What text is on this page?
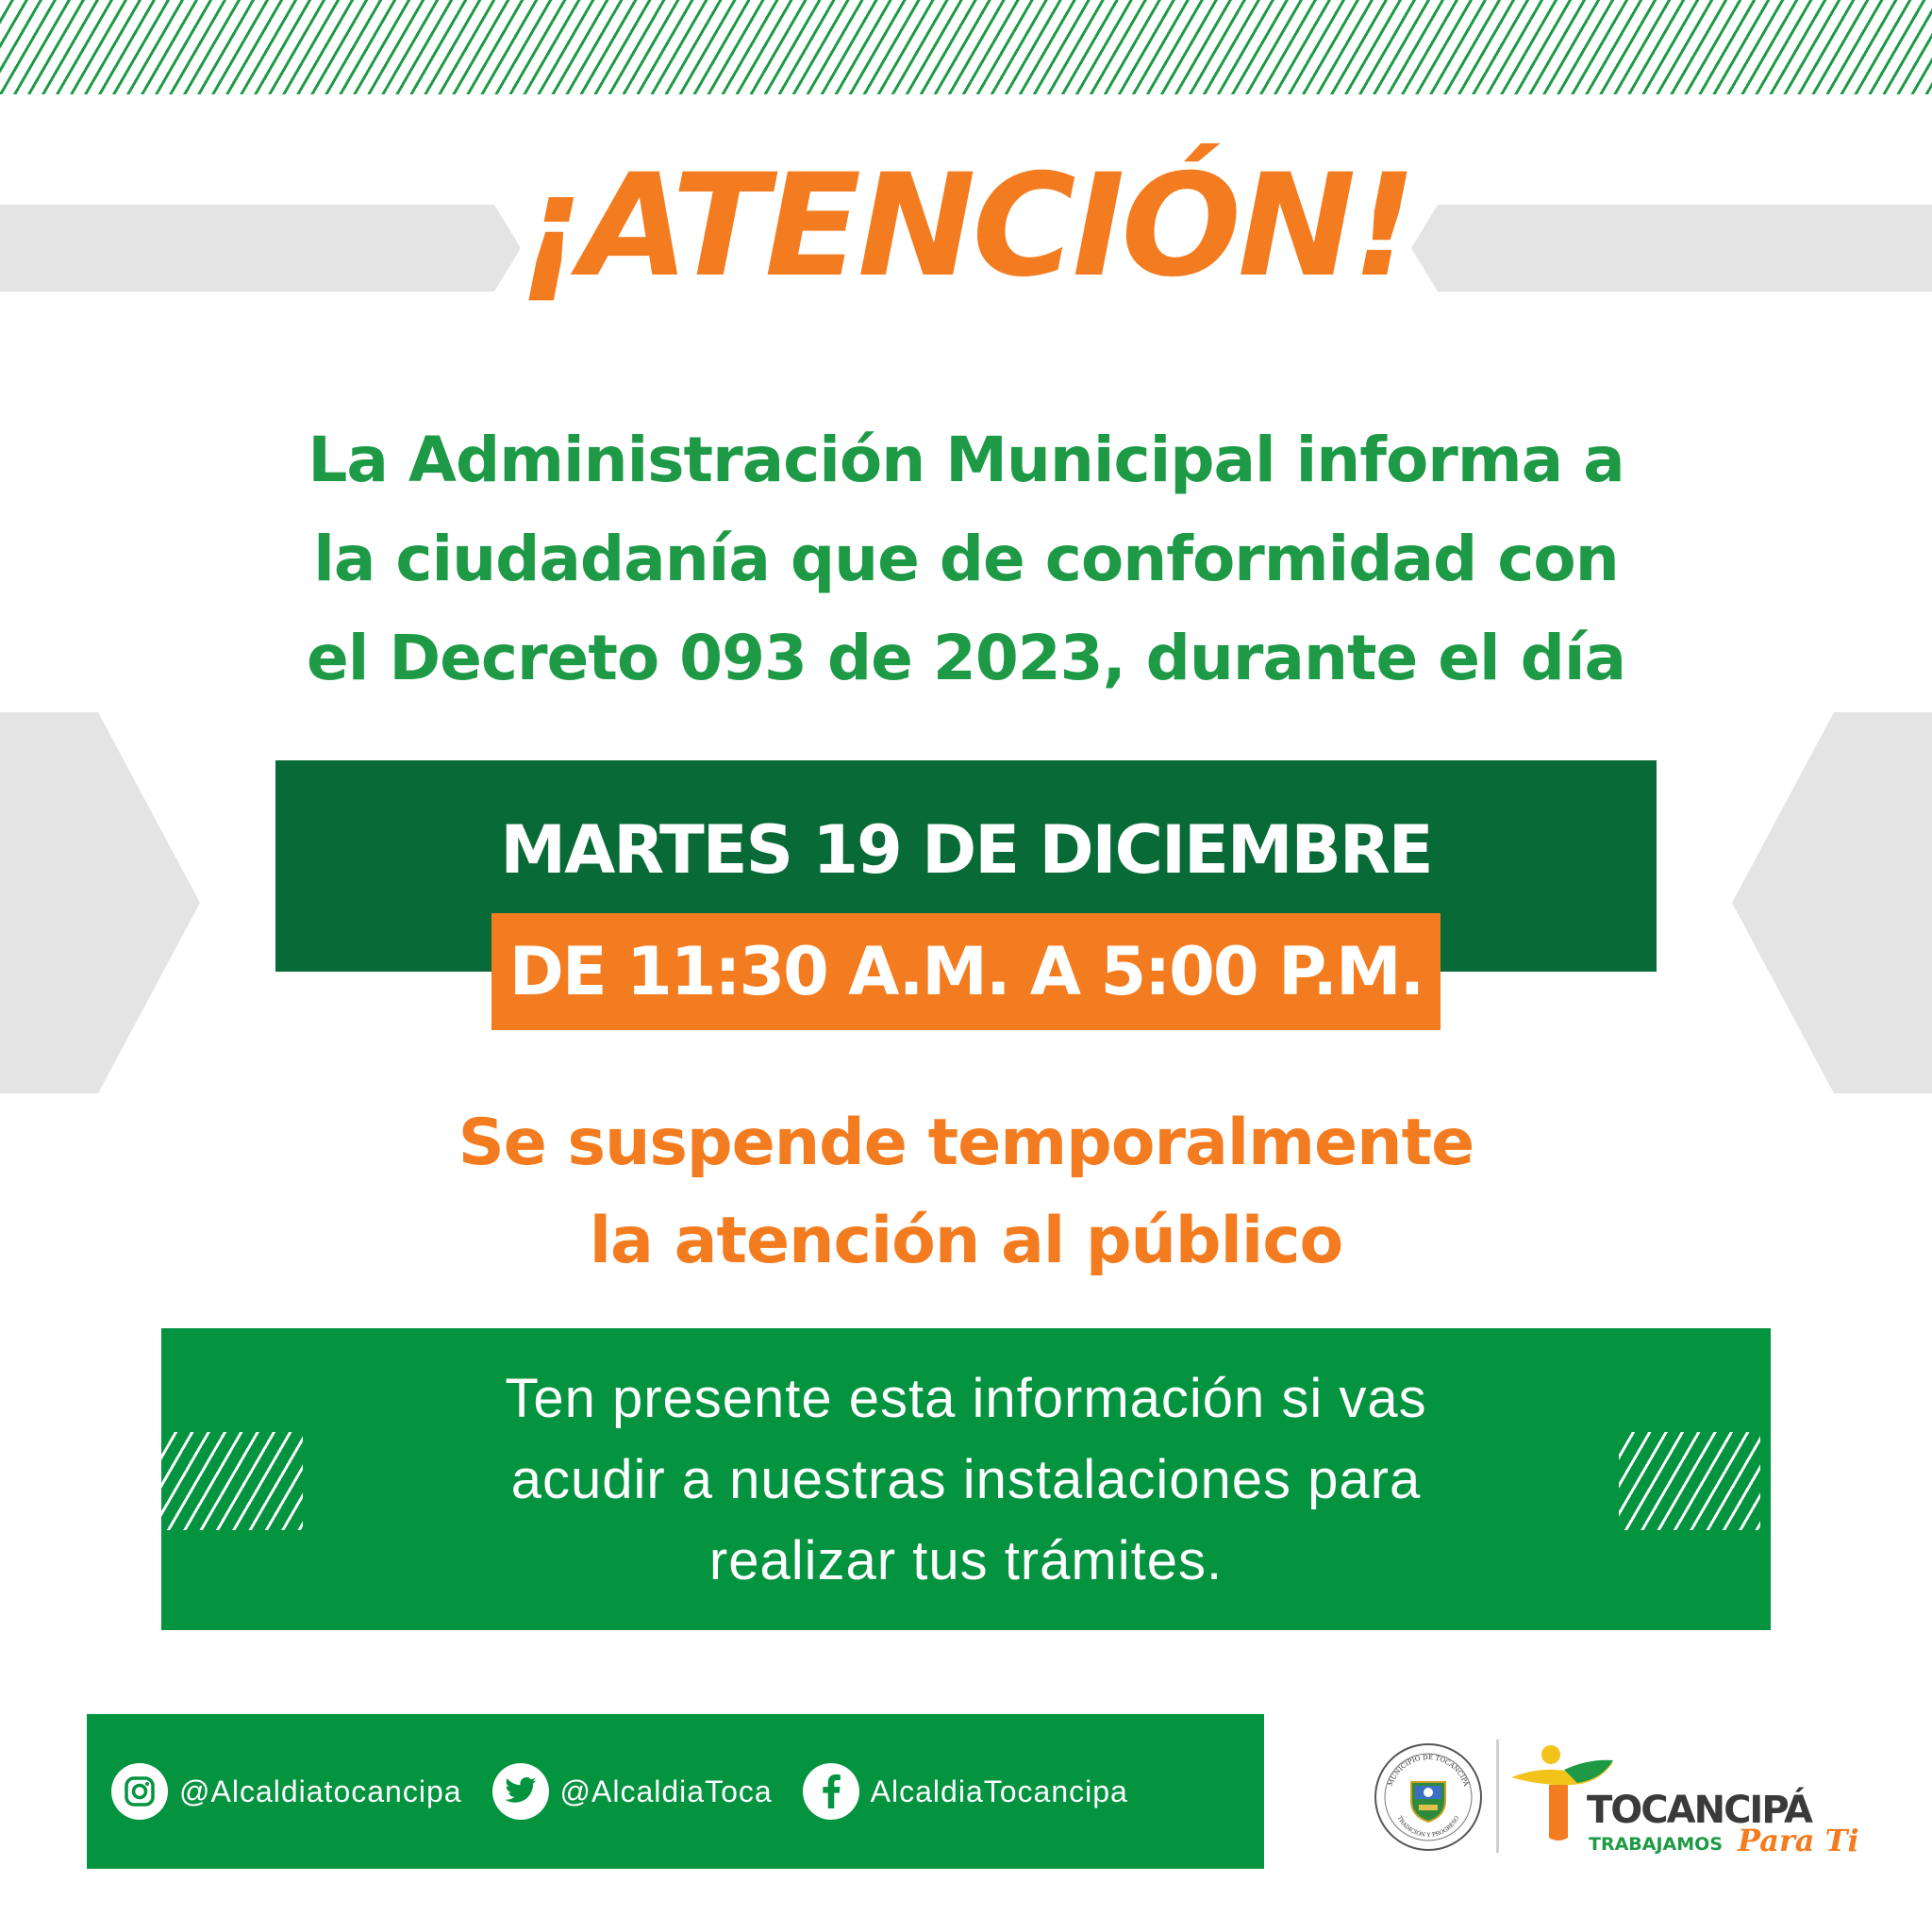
¡ATENCIÓN!
La Administración Municipal informa a
la ciudadanía que de conformidad con
el Decreto 093 de 2023, durante el día
MARTES 19 DE DICIEMBRE
DE 11:30 A.M. A 5:00 P.M.
Se suspende temporalmente
la atención al público
Ten presente esta información si vas
acudir a nuestras instalaciones para
realizar tus trámites.
@Alcaldiatocancipa	@AlcaldiaToca	AlcaldiaTocancipa	MUNICIPIO DE TOCANCIPÁ
TRADICIÓN Y PROGRESO	TOCANCIPÁ
TRABAJAMOS Para Ti
